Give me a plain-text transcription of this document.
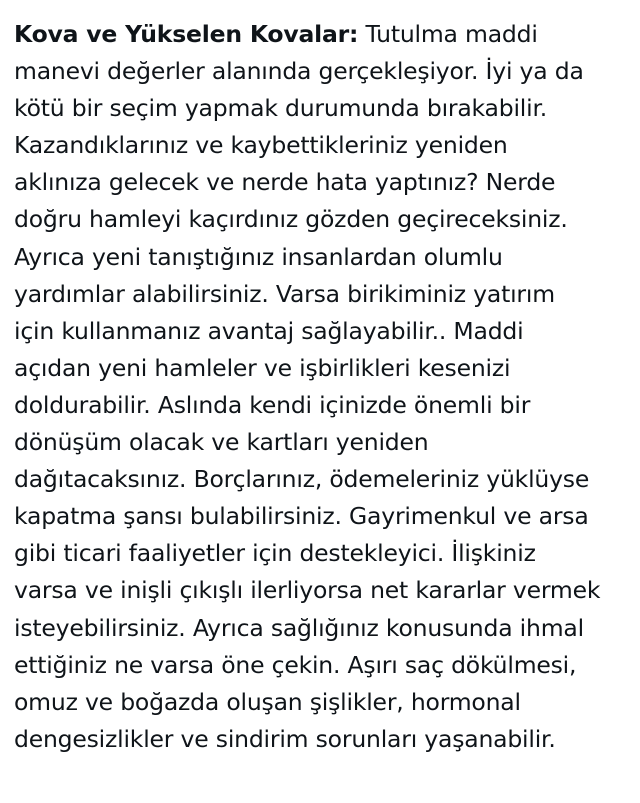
Kova ve Yükselen Kovalar: Tutulma maddi
manevi değerler alanında gerçekleşiyor. İyi ya da
kötü bir seçim yapmak durumunda bırakabilir.
Kazandıklarınız ve kaybettikleriniz yeniden
aklınıza gelecek ve nerde hata yaptınız? Nerde
doğru hamleyi kaçırdınız gözden geçireceksiniz.
Ayrıca yeni tanıştığınız insanlardan olumlu
yardımlar alabilirsiniz. Varsa birikiminiz yatırım
için kullanmanız avantaj sağlayabilir.. Maddi
açıdan yeni hamleler ve işbirlikleri kesenizi
doldurabilir. Aslında kendi içinizde önemli bir
dönüşüm olacak ve kartları yeniden
dağıtacaksınız. Borçlarınız, ödemeleriniz yüklüyse
kapatma şansı bulabilirsiniz. Gayrimenkul ve arsa
gibi ticari faaliyetler için destekleyici. İlişkiniz
varsa ve inişli çıkışlı ilerliyorsa net kararlar vermek
isteyebilirsiniz. Ayrıca sağlığınız konusunda ihmal
ettiğiniz ne varsa öne çekin. Aşırı saç dökülmesi,
omuz ve boğazda oluşan şişlikler, hormonal
dengesizlikler ve sindirim sorunları yaşanabilir.
